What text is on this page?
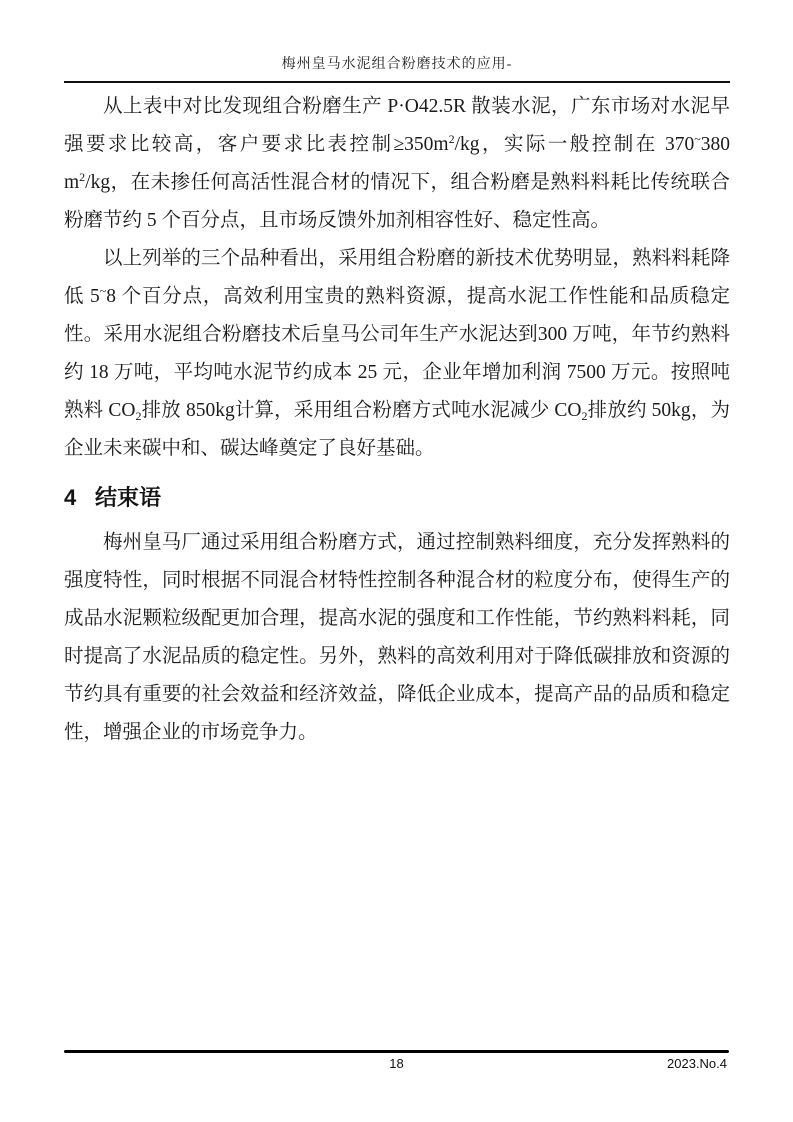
梅州皇马水泥组合粉磨技术的应用-

从上表中对比发现组合粉磨生产 P·O42.5R 散装水泥，广东市场对水泥早强要求比较高，客户要求比表控制$\ge 350m^2/kg$，实际一般控制在 370~380 $m^2/kg$，在未掺任何高活性混合材的情况下，组合粉磨是熟料料耗比传统联合粉磨节约 5 个百分点，且市场反馈外加剂相容性好、稳定性高。

以上列举的三个品种看出，采用组合粉磨的新技术优势明显，熟料料耗降低 5~8 个百分点，高效利用宝贵的熟料资源，提高水泥工作性能和品质稳定性。采用水泥组合粉磨技术后皇马公司年生产水泥达到300 万吨，年节约熟料约 18 万吨，平均吨水泥节约成本 25 元，企业年增加利润 7500 万元。按照吨熟料 $CO_2$排放 850kg计算，采用组合粉磨方式吨水泥减少 $CO_2$排放约 50kg，为企业未来碳中和、碳达峰奠定了良好基础。

4 结束语

梅州皇马厂通过采用组合粉磨方式，通过控制熟料细度，充分发挥熟料的强度特性，同时根据不同混合材特性控制各种混合材的粒度分布，使得生产的成品水泥颗粒级配更加合理，提高水泥的强度和工作性能，节约熟料料耗，同时提高了水泥品质的稳定性。另外，熟料的高效利用对于降低碳排放和资源的节约具有重要的社会效益和经济效益，降低企业成本，提高产品的品质和稳定性，增强企业的市场竞争力。

18	2023.No.4
